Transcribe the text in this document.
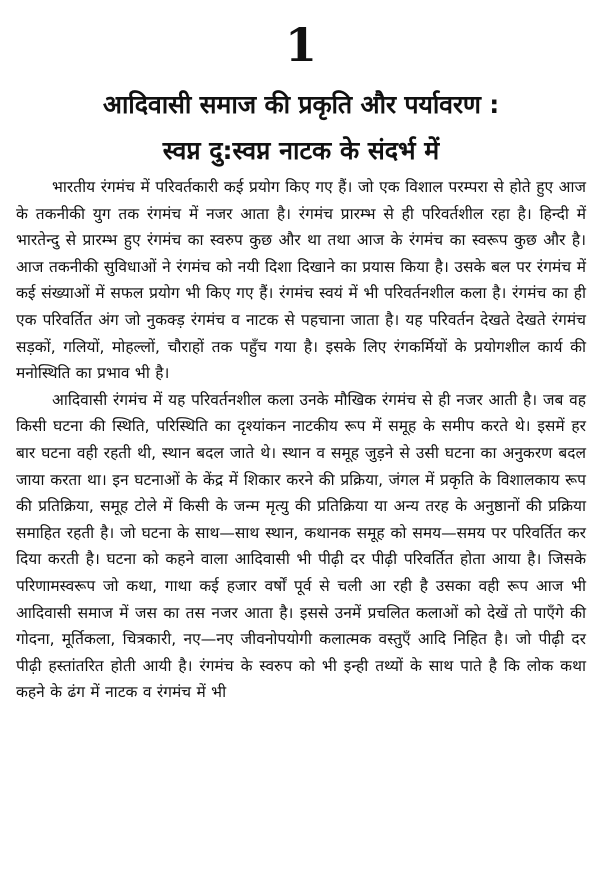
1
आदिवासी समाज की प्रकृति और पर्यावरण :
स्वप्न दु:स्वप्न नाटक के संदर्भ में

भारतीय रंगमंच में परिवर्तकारी कई प्रयोग किए गए हैं। जो एक विशाल परम्परा से होते हुए आज के तकनीकी युग तक रंगमंच में नजर आता है। रंगमंच प्रारम्भ से ही परिवर्तशील रहा है। हिन्दी में भारतेन्दु से प्रारम्भ हुए रंगमंच का स्वरुप कुछ और था तथा आज के रंगमंच का स्वरूप कुछ और है। आज तकनीकी सुविधाओं ने रंगमंच को नयी दिशा दिखाने का प्रयास किया है। उसके बल पर रंगमंच में कई संख्याओं में सफल प्रयोग भी किए गए हैं। रंगमंच स्वयं में भी परिवर्तनशील कला है। रंगमंच का ही एक परिवर्तित अंग जो नुकक्ड़ रंगमंच व नाटक से पहचाना जाता है। यह परिवर्तन देखते देखते रंगमंच सड़कों, गलियों, मोहल्लों, चौराहों तक पहुँच गया है। इसके लिए रंगकर्मियों के प्रयोगशील कार्य की मनोस्थिति का प्रभाव भी है।

आदिवासी रंगमंच में यह परिवर्तनशील कला उनके मौखिक रंगमंच से ही नजर आती है। जब वह किसी घटना की स्थिति, परिस्थिति का दृश्यांकन नाटकीय रूप में समूह के समीप करते थे। इसमें हर बार घटना वही रहती थी, स्थान बदल जाते थे। स्थान व समूह जुड़ने से उसी घटना का अनुकरण बदल जाया करता था। इन घटनाओं के केंद्र में शिकार करने की प्रक्रिया, जंगल में प्रकृति के विशालकाय रूप की प्रतिक्रिया, समूह टोले में किसी के जन्म मृत्यु की प्रतिक्रिया या अन्य तरह के अनुष्ठानों की प्रक्रिया समाहित रहती है। जो घटना के साथ—साथ स्थान, कथानक समूह को समय—समय पर परिवर्तित कर दिया करती है। घटना को कहने वाला आदिवासी भी पीढ़ी दर पीढ़ी परिवर्तित होता आया है। जिसके परिणामस्वरूप जो कथा, गाथा कई हजार वर्षों पूर्व से चली आ रही है उसका वही रूप आज भी आदिवासी समाज में जस का तस नजर आता है। इससे उनमें प्रचलित कलाओं को देखें तो पाएँगे की गोदना, मूर्तिकला, चित्रकारी, नए—नए जीवनोपयोगी कलात्मक वस्तुएँ आदि निहित है। जो पीढ़ी दर पीढ़ी हस्तांतरित होती आयी है। रंगमंच के स्वरुप को भी इन्ही तथ्यों के साथ पाते है कि लोक कथा कहने के ढंग में नाटक व रंगमंच में भी
